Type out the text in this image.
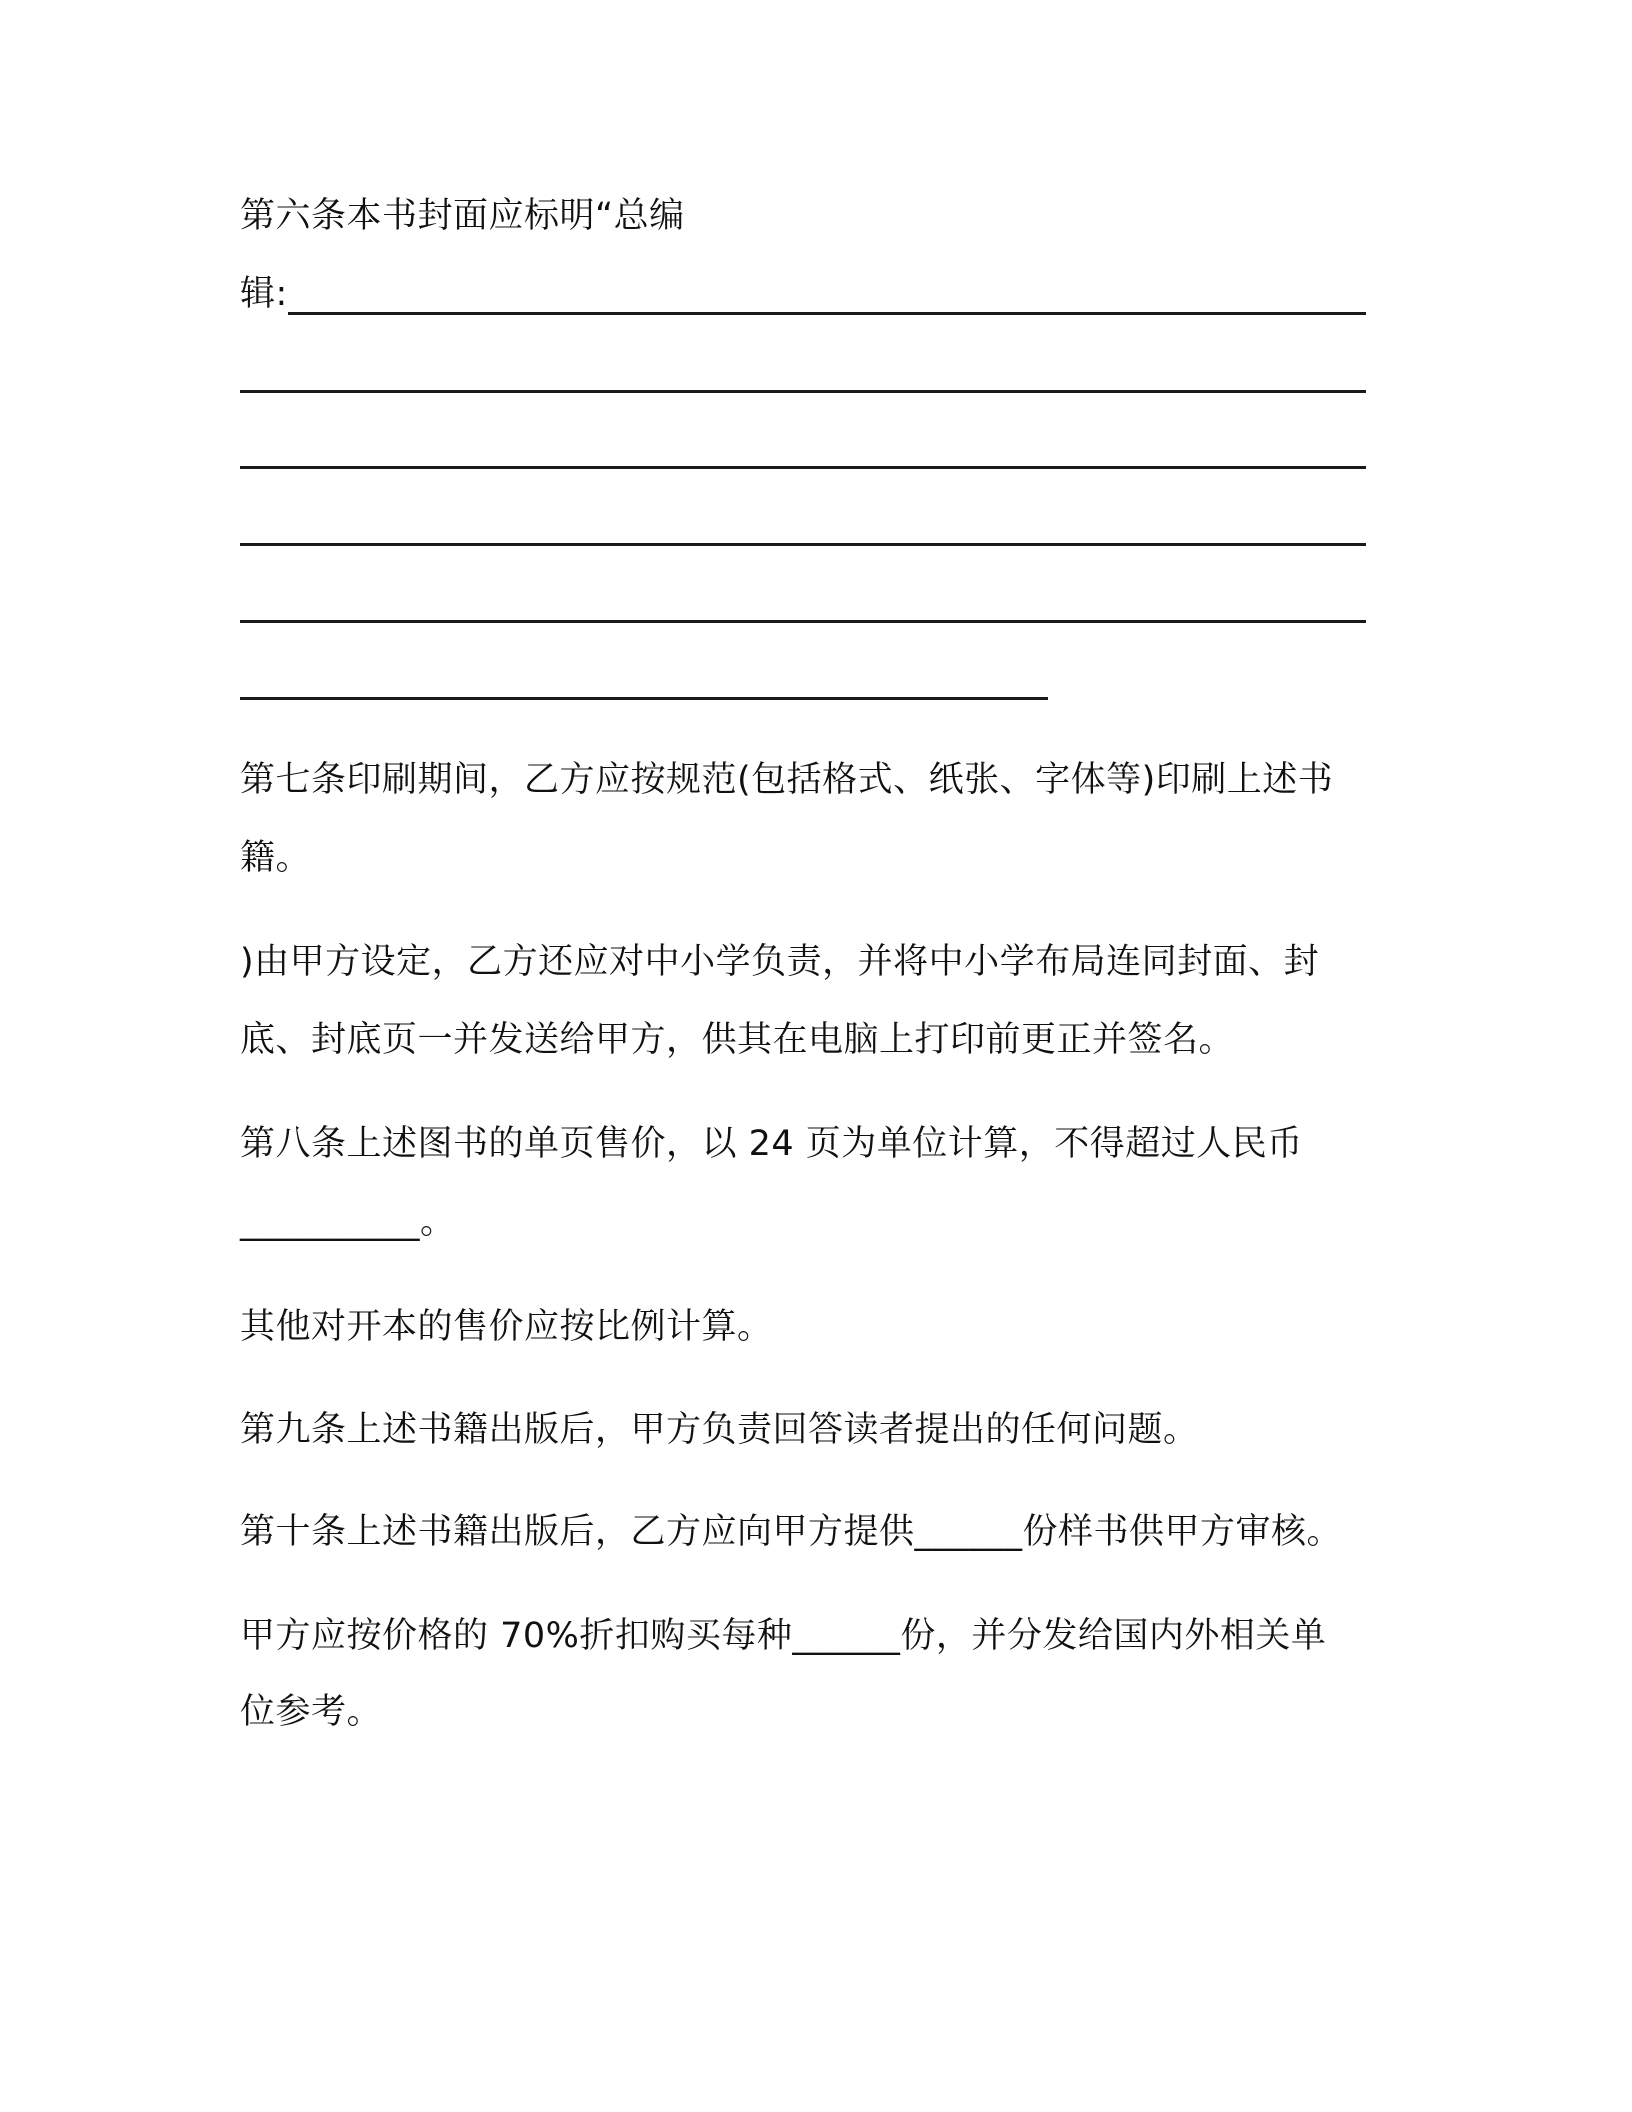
第六条本书封面应标明“总编
辑:
第七条印刷期间，乙方应按规范(包括格式、纸张、字体等)印刷上述书
籍。
)由甲方设定，乙方还应对中小学负责，并将中小学布局连同封面、封
底、封底页一并发送给甲方，供其在电脑上打印前更正并签名。
第八条上述图书的单页售价，以 24 页为单位计算，不得超过人民币
__________。
其他对开本的售价应按比例计算。
第九条上述书籍出版后，甲方负责回答读者提出的任何问题。
第十条上述书籍出版后，乙方应向甲方提供______份样书供甲方审核。
甲方应按价格的 70%折扣购买每种______份，并分发给国内外相关单
位参考。
